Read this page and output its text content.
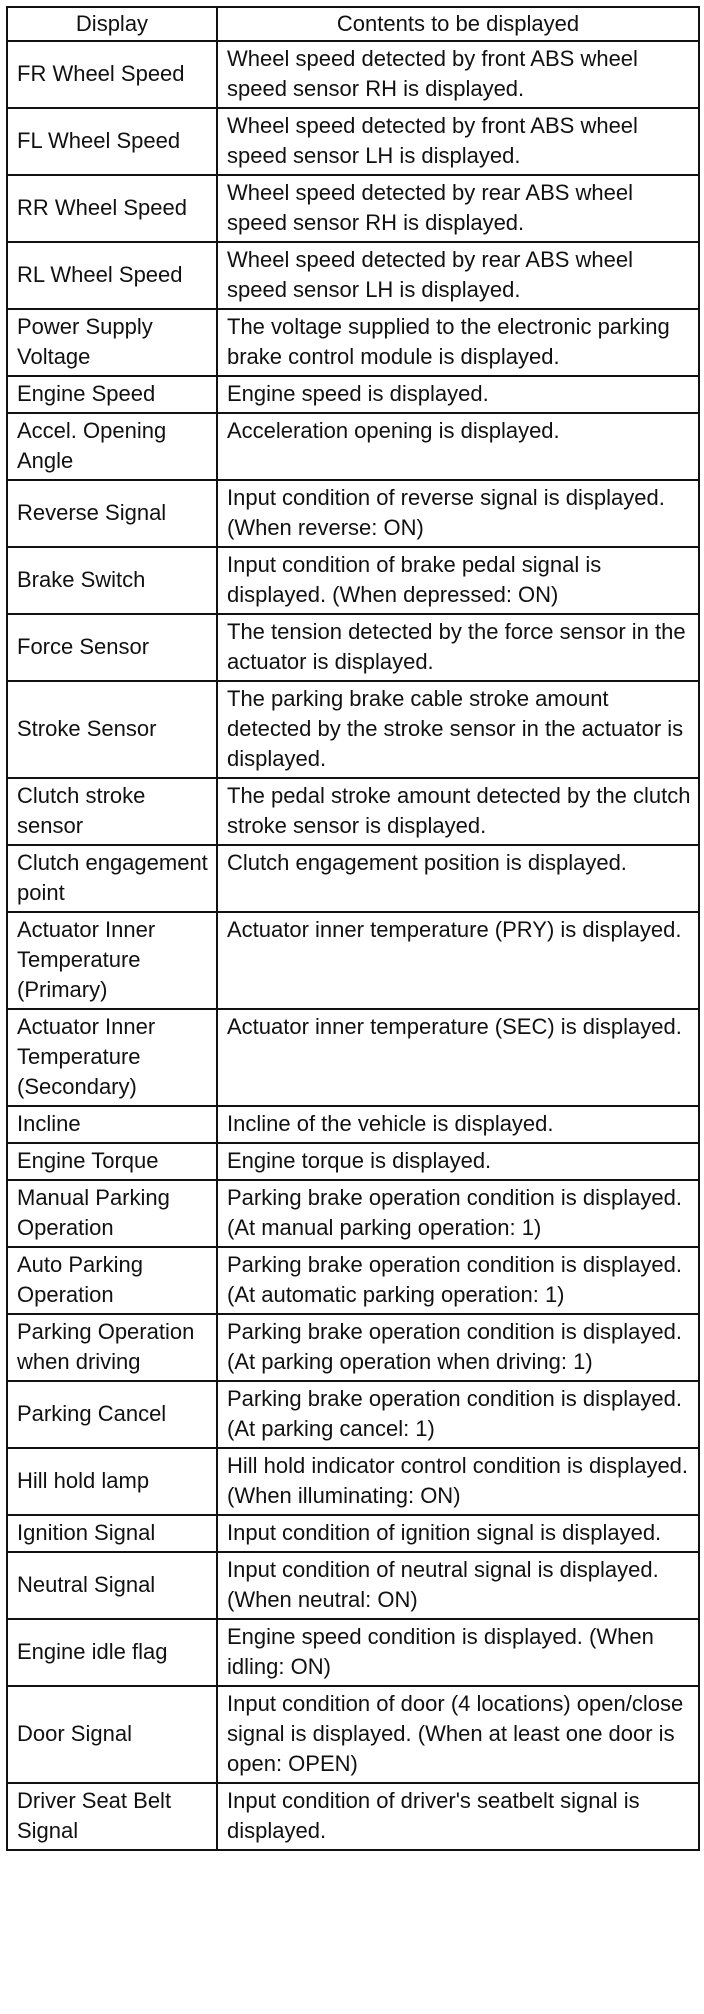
Display	Contents to be displayed
FR Wheel Speed	Wheel speed detected by front ABS wheel speed sensor RH is displayed.
FL Wheel Speed	Wheel speed detected by front ABS wheel speed sensor LH is displayed.
RR Wheel Speed	Wheel speed detected by rear ABS wheel speed sensor RH is displayed.
RL Wheel Speed	Wheel speed detected by rear ABS wheel speed sensor LH is displayed.
Power Supply Voltage	The voltage supplied to the electronic parking brake control module is displayed.
Engine Speed	Engine speed is displayed.
Accel. Opening Angle	Acceleration opening is displayed.
Reverse Signal	Input condition of reverse signal is displayed. (When reverse: ON)
Brake Switch	Input condition of brake pedal signal is displayed. (When depressed: ON)
Force Sensor	The tension detected by the force sensor in the actuator is displayed.
Stroke Sensor	The parking brake cable stroke amount detected by the stroke sensor in the actuator is displayed.
Clutch stroke sensor	The pedal stroke amount detected by the clutch stroke sensor is displayed.
Clutch engagement point	Clutch engagement position is displayed.
Actuator Inner Temperature (Primary)	Actuator inner temperature (PRY) is displayed.
Actuator Inner Temperature (Secondary)	Actuator inner temperature (SEC) is displayed.
Incline	Incline of the vehicle is displayed.
Engine Torque	Engine torque is displayed.
Manual Parking Operation	Parking brake operation condition is displayed. (At manual parking operation: 1)
Auto Parking Operation	Parking brake operation condition is displayed. (At automatic parking operation: 1)
Parking Operation when driving	Parking brake operation condition is displayed. (At parking operation when driving: 1)
Parking Cancel	Parking brake operation condition is displayed. (At parking cancel: 1)
Hill hold lamp	Hill hold indicator control condition is displayed. (When illuminating: ON)
Ignition Signal	Input condition of ignition signal is displayed.
Neutral Signal	Input condition of neutral signal is displayed. (When neutral: ON)
Engine idle flag	Engine speed condition is displayed. (When idling: ON)
Door Signal	Input condition of door (4 locations) open/close signal is displayed. (When at least one door is open: OPEN)
Driver Seat Belt Signal	Input condition of driver's seatbelt signal is displayed.
